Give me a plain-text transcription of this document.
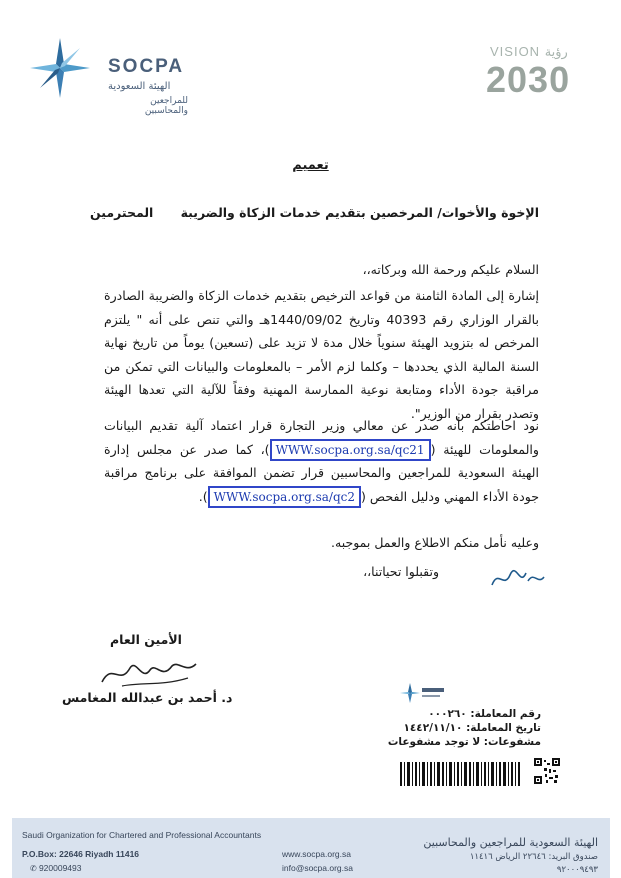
SOCPA
الهيئة السعودية
للمراجعين والمحاسبين
VISION رؤية
2030
تعميم
الإخوة والأخوات/ المرخصين بتقديم خدمات الزكاة والضريبة
المحترمين
السلام عليكم ورحمة الله وبركاته،،
إشارة إلى المادة الثامنة من قواعد الترخيص بتقديم خدمات الزكاة والضريبة الصادرة بالقرار الوزاري رقم 40393 وتاريخ 1440/09/02هـ والتي تنص على أنه " يلتزم المرخص له بتزويد الهيئة سنوياً خلال مدة لا تزيد على (تسعين) يوماً من تاريخ نهاية السنة المالية الذي يحددها – وكلما لزم الأمر – بالمعلومات والبيانات التي تمكن من مراقبة جودة الأداء ومتابعة نوعية الممارسة المهنية وفقاً للآلية التي تعدها الهيئة وتصدر بقرار من الوزير".
نود احاطتكم بأنه صدر عن معالي وزير التجارة قرار اعتماد آلية تقديم البيانات والمعلومات للهيئة (WWW.socpa.org.sa/qc21)، كما صدر عن مجلس إدارة الهيئة السعودية للمراجعين والمحاسبين قرار تضمن الموافقة على برنامج مراقبة جودة الأداء المهني ودليل الفحص (WWW.socpa.org.sa/qc2).
وعليه نأمل منكم الاطلاع والعمل بموجبه.
وتقبلوا تحياتنا،،
الأمين العام
د. أحمد بن عبدالله المغامس
رقم المعاملة: ٠٠٠٢٦٠
تاريخ المعاملة: ١٤٤٢/١١/١٠
مشفوعات: لا توجد مشفوعات
Saudi Organization for Chartered and Professional Accountants
P.O.Box: 22646 Riyadh 11416
✆ 920009493
www.socpa.org.sa
info@socpa.org.sa
الهيئة السعودية للمراجعين والمحاسبين
صندوق البريد: ٢٢٦٤٦ الرياض ١١٤١٦
٩٢٠٠٠٩٤٩٣
